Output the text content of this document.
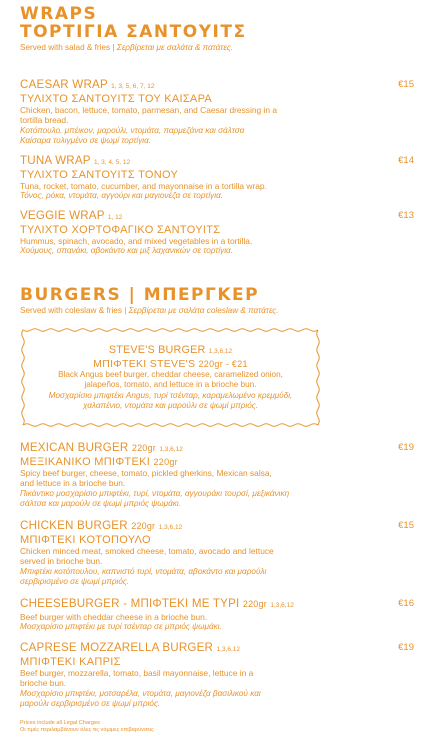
WRAPS
ΤΟΡΤΙΓΙΑ ΣΑΝΤΟΥΙΤΣ
Served with salad & fries | Σερβίρεται με σαλάτα & πατάτες.
CAESAR WRAP 1, 3, 5, 6, 7, 12
ΤΥΛΙΧΤΟ ΣΑΝΤΟΥΙΤΣ ΤΟΥ ΚΑΙΣΑΡΑ
Chicken, bacon, lettuce, tomato, parmesan, and Caesar dressing in a tortilla bread.
Κοτόπουλο, μπέικον, μαρούλι, ντομάτα, παρμεζάνα και σάλτσα Καίσαρα τυλιγμένο σε ψωμί τορτίγια.
€15
TUNA WRAP 1, 3, 4, 5, 12
ΤΥΛΙΧΤΟ ΣΑΝΤΟΥΙΤΣ ΤΟΝΟΥ
Tuna, rocket, tomato, cucumber, and mayonnaise in a tortilla wrap.
Τόνος, ρόκα, ντομάτα, αγγούρι και μαγιονέζα σε τορτίγια.
€14
VEGGIE WRAP 1, 12
ΤΥΛΙΧΤΟ ΧΟΡΤΟΦΑΓΙΚΟ ΣΑΝΤΟΥΙΤΣ
Hummus, spinach, avocado, and mixed vegetables in a tortilla.
Χούμους, σπανάκι, αβοκάντο και μιξ λαχανικών σε τορτίγια.
€13
BURGERS | ΜΠΕΡΓΚΕΡ
Served with coleslaw & fries | Σερβίρεται με σαλάτα coleslaw & πατάτες.
STEVE'S BURGER 1,3,6,12
ΜΠΙΦΤΕΚΙ STEVE'S 220gr - €21
Black Angus beef burger, cheddar cheese, caramelized onion, jalapeños, tomato, and lettuce in a brioche bun.
Μοσχαρίσιο μπιφτέκι Angus, τυρί τσένταρ, καραμελωμένο κρεμμύδι, χαλαπένιο, ντομάτα και μαρούλι σε ψωμί μπριός.
MEXICAN BURGER 220gr 1,3,6,12
ΜΕΞΙΚΑΝΙΚΟ ΜΠΙΦΤΕΚΙ 220gr
Spicy beef burger, cheese, tomato, pickled gherkins, Mexican salsa, and lettuce in a brioche bun.
Πικάντικο μοσχαρίσιο μπιφτέκι, τυρί, ντομάτα, αγγουράκι τουρσί, μεξικάνικη σάλτσα και μαρούλι σε ψωμί μπριός ψωμάκι.
€19
CHICKEN BURGER 220gr 1,3,6,12
ΜΠΙΦΤΕΚΙ ΚΟΤΟΠΟΥΛΟ
Chicken minced meat, smoked cheese, tomato, avocado and lettuce served in brioche bun.
Μπιφτέκι κοτόπουλου, καπνιστό τυρί, ντομάτα, αβοκάντο και μαρούλι σερβιρισμένο σε ψωμί μπριός.
€15
CHEESEBURGER - ΜΠΙΦΤΕΚΙ ΜΕ ΤΥΡΙ 220gr 1,3,6,12
Beef burger with cheddar cheese in a brioche bun.
Μοσχαρίσιο μπιφτέκι με τυρί τσένταρ σε μπριός ψωμάκι.
€16
CAPRESE MOZZARELLA BURGER 1,3,6,12
ΜΠΙΦΤΕΚΙ ΚΑΠΡΙΣ
Beef burger, mozzarella, tomato, basil mayonnaise, lettuce in a brioche bun.
Μοσχαρίσιο μπιφτέκι, μοτσαρέλα, ντομάτα, μαγιονέζα βασιλικού και μαρούλι σερβιρισμένο σε ψωμί μπριός.
€19
Prices include all Legal Charges
Οι τιμές περιλαμβάνουν όλες τις νόμιμες επιβαρύνσεις
